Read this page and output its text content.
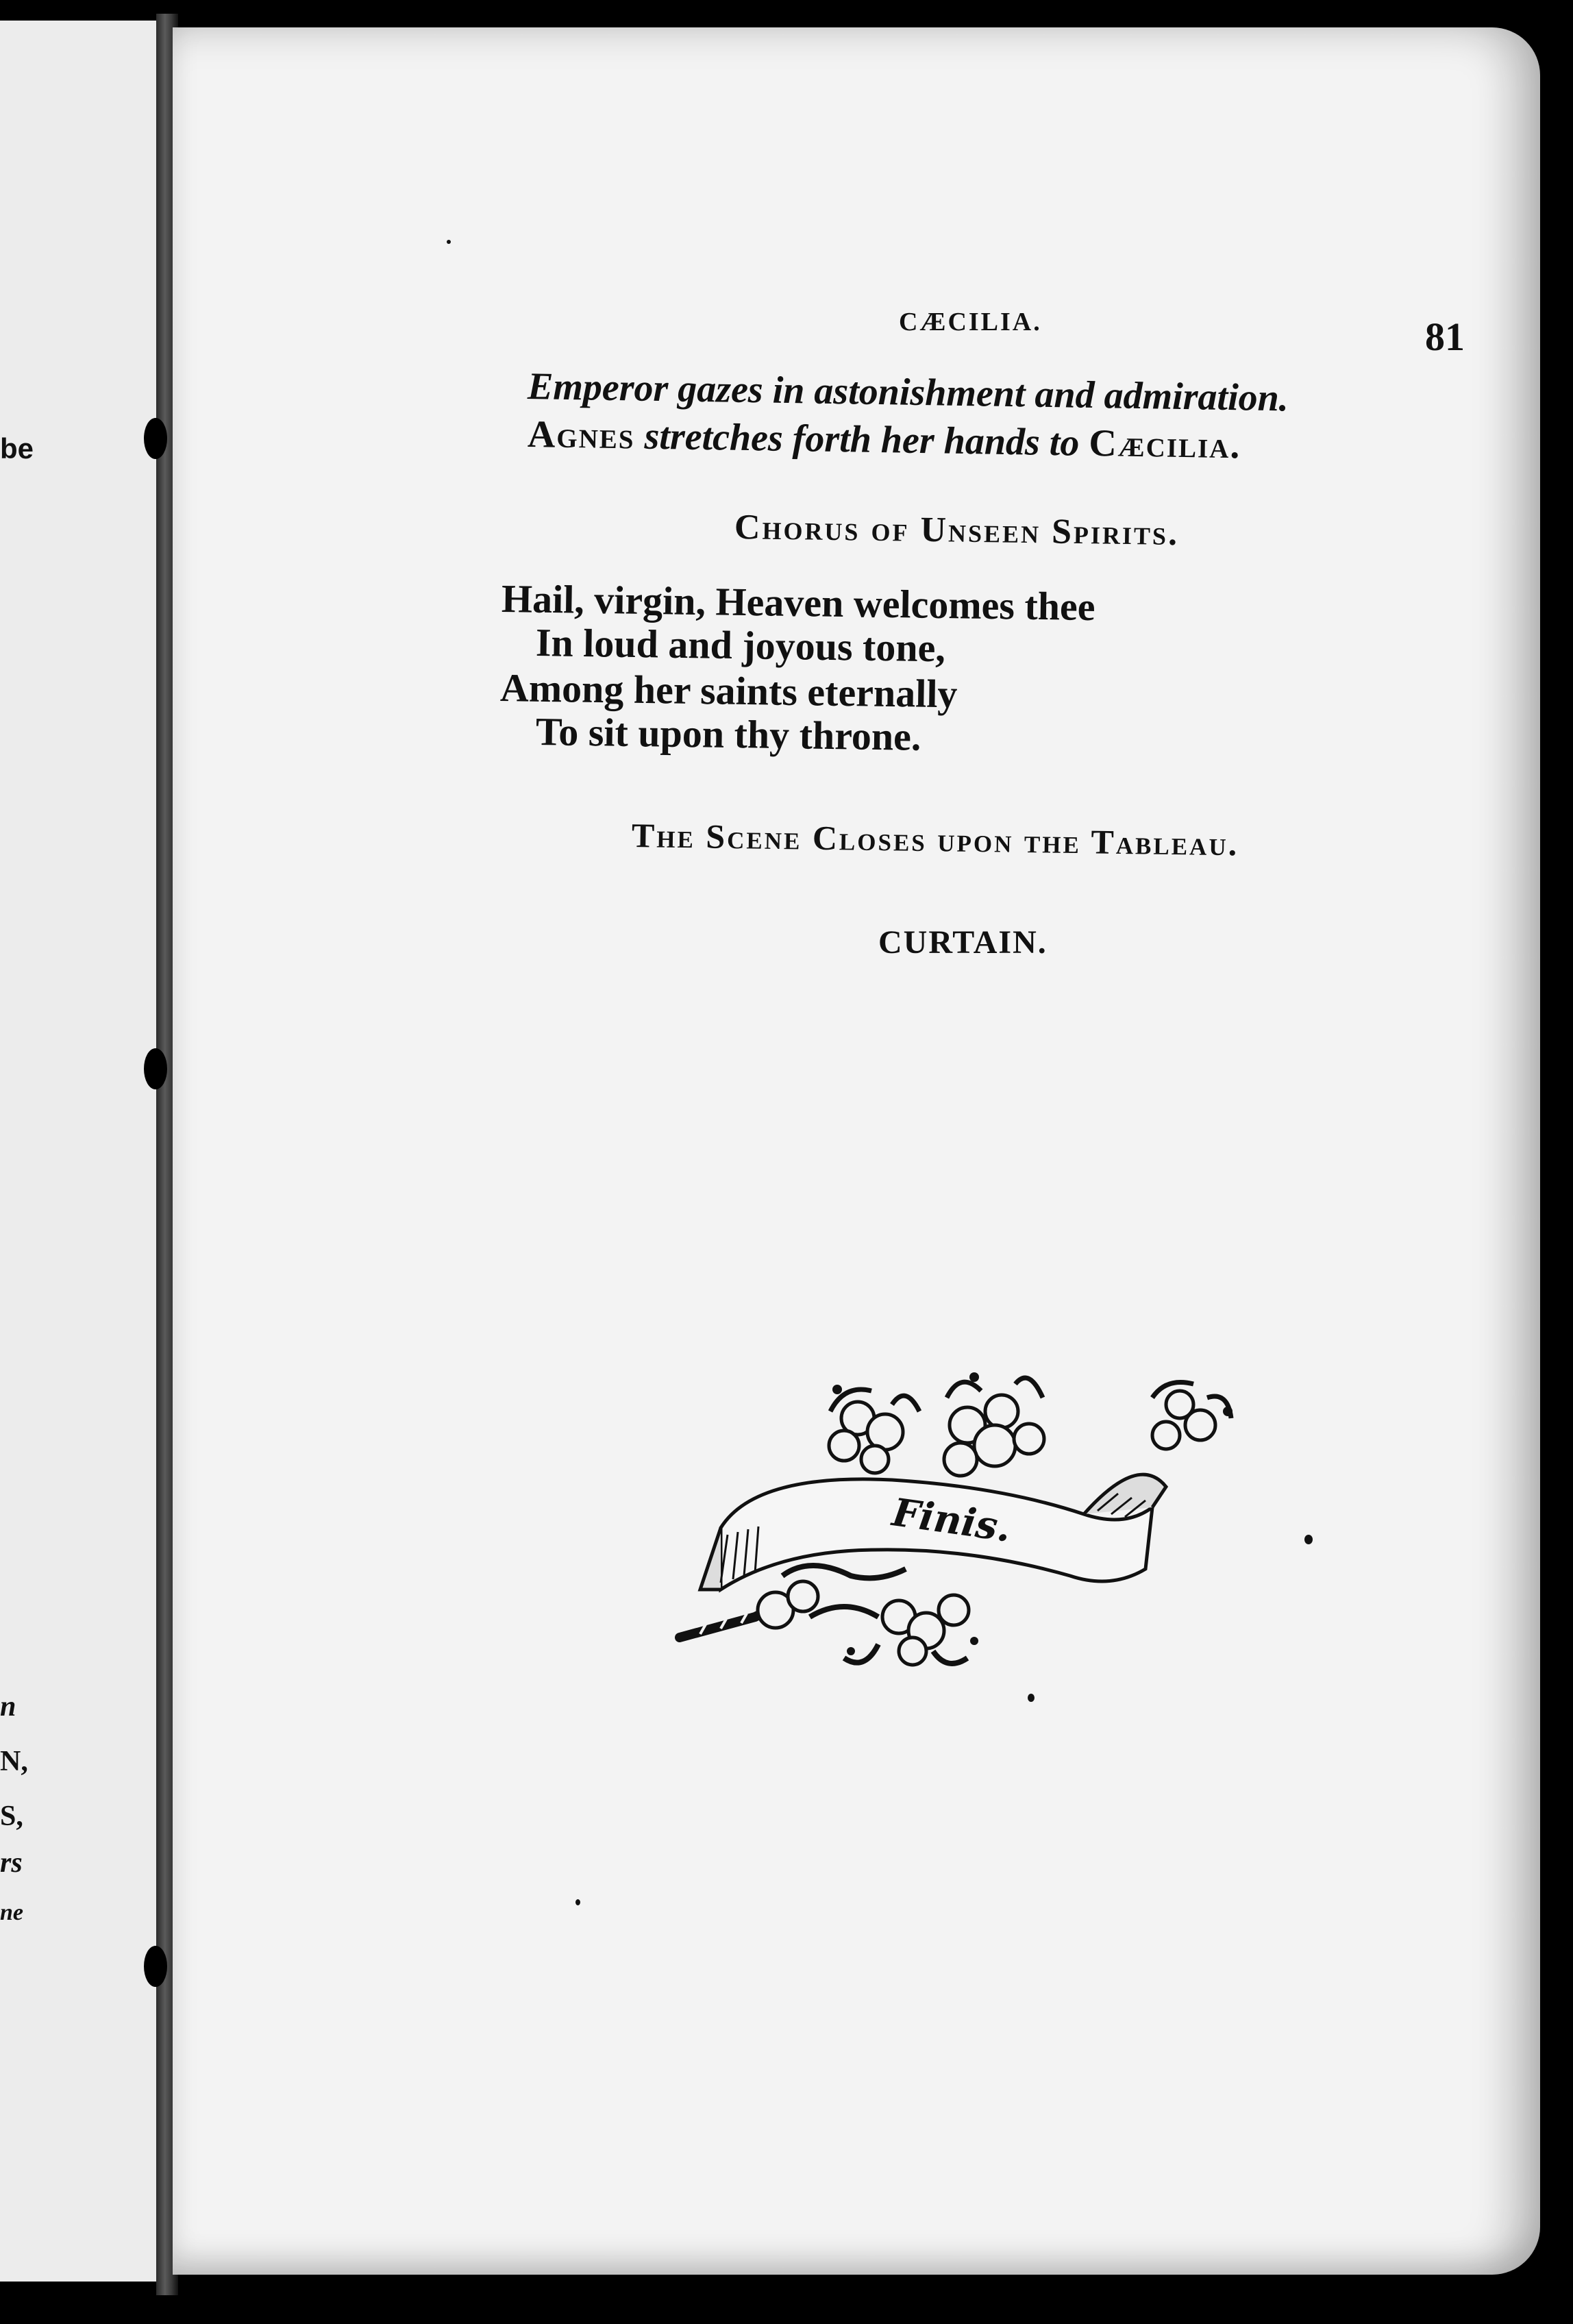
be
n
N,
S,
rs
ne
CÆCILIA.	81
Emperor gazes in astonishment and admiration.
Agnes stretches forth her hands to Cæcilia.
Chorus of Unseen Spirits.
Hail, virgin, Heaven welcomes thee
In loud and joyous tone,
Among her saints eternally
To sit upon thy throne.
The Scene Closes upon the Tableau.
CURTAIN.
Finis.
